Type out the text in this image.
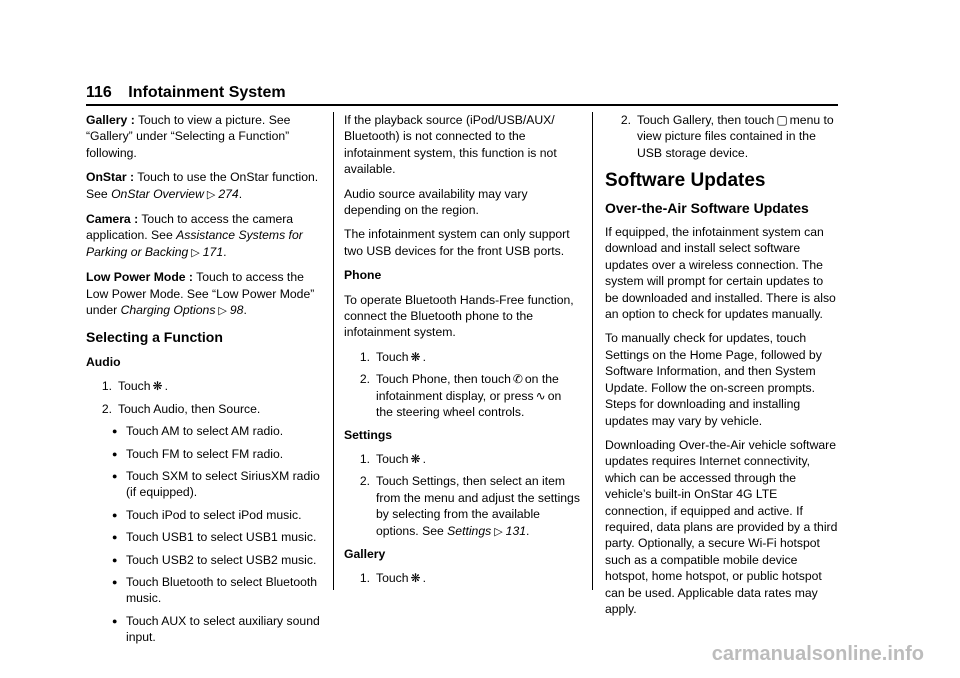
116 Infotainment System

Gallery : Touch to view a picture. See “Gallery” under “Selecting a Function” following.

OnStar : Touch to use the OnStar function. See OnStar Overview ▷ 274.

Camera : Touch to access the camera application. See Assistance Systems for Parking or Backing ▷ 171.

Low Power Mode : Touch to access the Low Power Mode. See “Low Power Mode” under Charging Options ▷ 98.

Selecting a Function

Audio

1. Touch ❋ .
2. Touch Audio, then Source.
● Touch AM to select AM radio.
● Touch FM to select FM radio.
● Touch SXM to select SiriusXM radio (if equipped).
● Touch iPod to select iPod music.
● Touch USB1 to select USB1 music.
● Touch USB2 to select USB2 music.
● Touch Bluetooth to select Bluetooth music.
● Touch AUX to select auxiliary sound input.

If the playback source (iPod/USB/AUX/ Bluetooth) is not connected to the infotainment system, this function is not available.

Audio source availability may vary depending on the region.

The infotainment system can only support two USB devices for the front USB ports.

Phone

To operate Bluetooth Hands-Free function, connect the Bluetooth phone to the infotainment system.

1. Touch ❋ .
2. Touch Phone, then touch ✆ on the infotainment display, or press ∿ on the steering wheel controls.

Settings

1. Touch ❋ .
2. Touch Settings, then select an item from the menu and adjust the settings by selecting from the available options. See Settings ▷ 131.

Gallery

1. Touch ❋ .
2. Touch Gallery, then touch ▢ menu to view picture files contained in the USB storage device.
Software Updates
Over-the-Air Software Updates

If equipped, the infotainment system can download and install select software updates over a wireless connection. The system will prompt for certain updates to be downloaded and installed. There is also an option to check for updates manually.

To manually check for updates, touch Settings on the Home Page, followed by Software Information, and then System Update. Follow the on-screen prompts. Steps for downloading and installing updates may vary by vehicle.

Downloading Over-the-Air vehicle software updates requires Internet connectivity, which can be accessed through the vehicle’s built-in OnStar 4G LTE connection, if equipped and active. If required, data plans are provided by a third party. Optionally, a secure Wi-Fi hotspot such as a compatible mobile device hotspot, home hotspot, or public hotspot can be used. Applicable data rates may apply.

carmanualsonline.info
